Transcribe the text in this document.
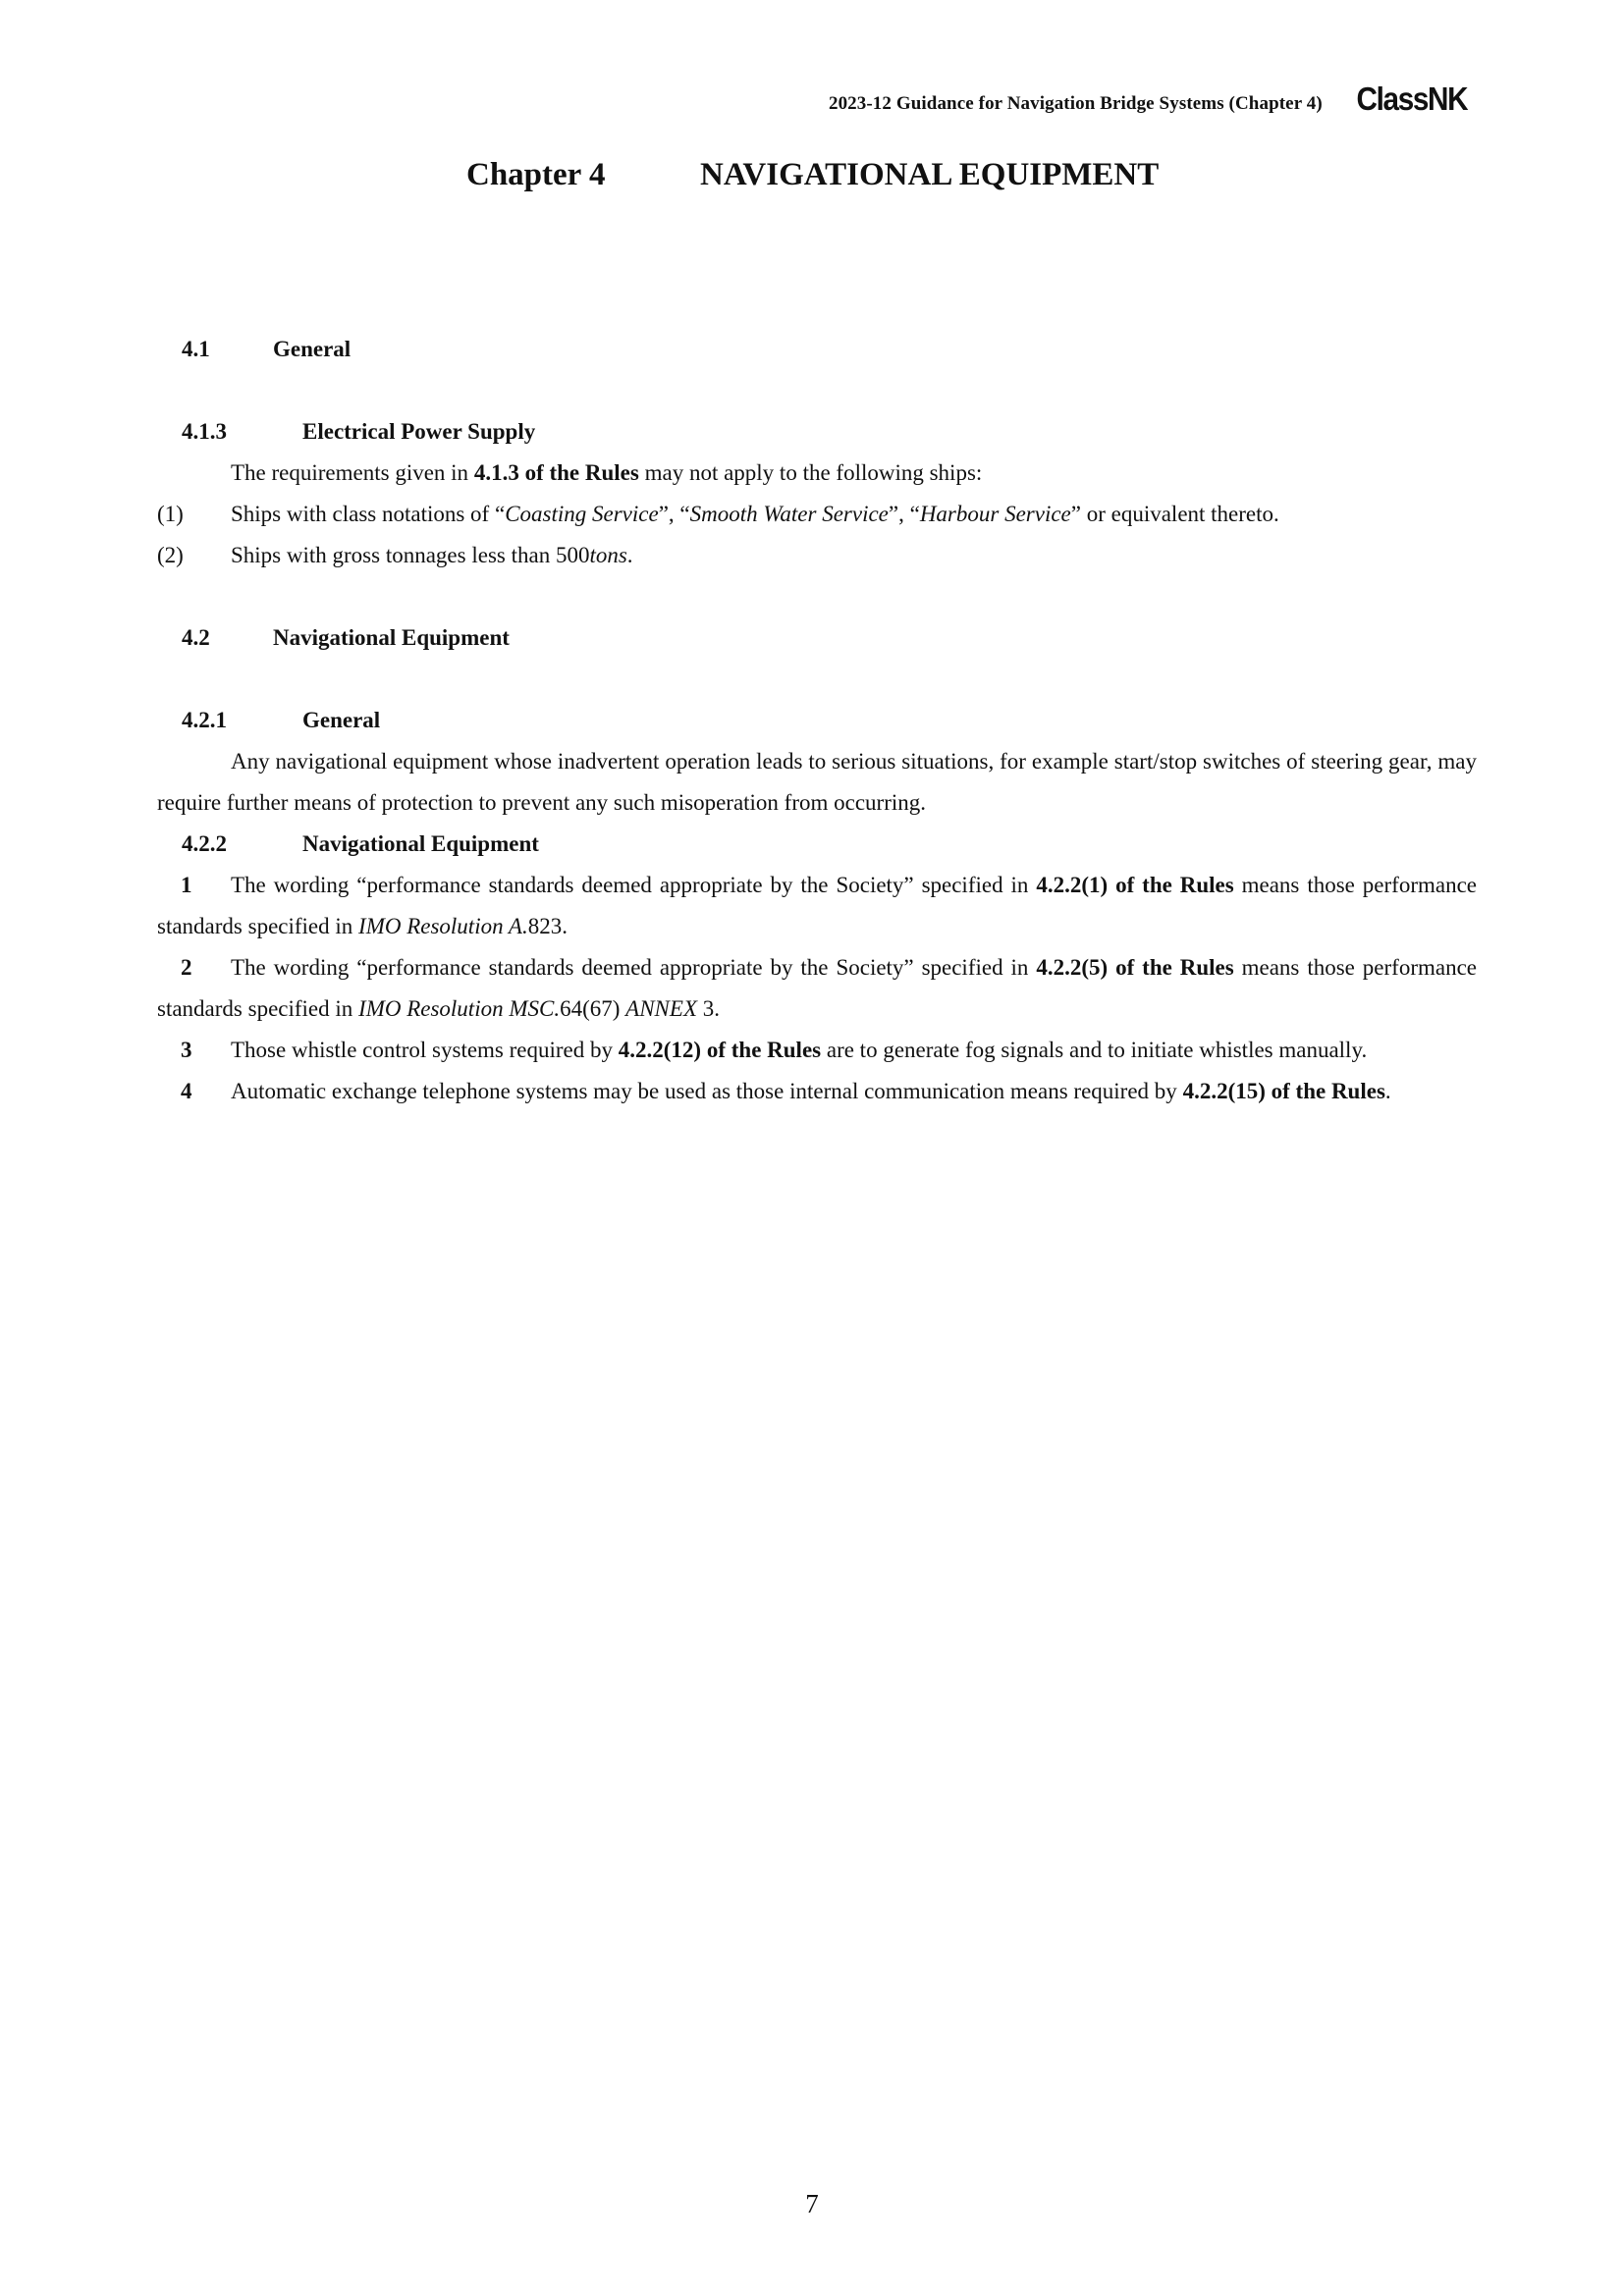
2023-12 Guidance for Navigation Bridge Systems (Chapter 4) ClassNK
Chapter 4	NAVIGATIONAL EQUIPMENT
4.1	General
4.1.3	Electrical Power Supply
The requirements given in 4.1.3 of the Rules may not apply to the following ships:
(1)	Ships with class notations of “Coasting Service”, “Smooth Water Service”, “Harbour Service” or equivalent thereto.
(2)	Ships with gross tonnages less than 500tons.
4.2	Navigational Equipment
4.2.1	General
Any navigational equipment whose inadvertent operation leads to serious situations, for example start/stop switches of steering gear, may require further means of protection to prevent any such misoperation from occurring.
4.2.2	Navigational Equipment
1 The wording “performance standards deemed appropriate by the Society” specified in 4.2.2(1) of the Rules means those performance standards specified in IMO Resolution A.823.
2 The wording “performance standards deemed appropriate by the Society” specified in 4.2.2(5) of the Rules means those performance standards specified in IMO Resolution MSC.64(67) ANNEX 3.
3 Those whistle control systems required by 4.2.2(12) of the Rules are to generate fog signals and to initiate whistles manually.
4 Automatic exchange telephone systems may be used as those internal communication means required by 4.2.2(15) of the Rules.
7
